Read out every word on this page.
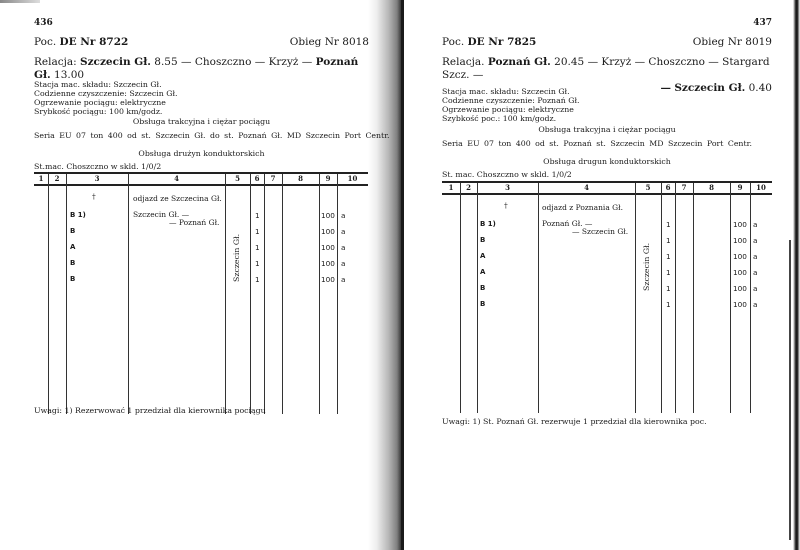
436
Poc. DE Nr 8722	Obieg Nr 8018
Relacja: Szczecin Gł. 8.55 — Choszczno — Krzyż — Poznań Gł. 13.00
Stacja mac. składu: Szczecin Gł.
Codzienne czyszczenie: Szczecin Gł.
Ogrzewanie pociągu: elektryczne
Srybkość pociągu: 100 km/godz.
Obsługa trakcyjna i ciężar pociągu
Seria EU 07 ton 400 od st. Szczecin Gł. do st. Poznań Gł. MD Szczecin Port Centr.
Obsługa drużyn konduktorskich
St.mac. Choszczno w skld. 1/0/2
1	2	3	4	5	6	7	8	9	10
†	odjazd ze Szczecina Gł.
Szczecin Gł. —
— Poznań Gł.
Szczecin Gł.
B 1)	1	100 a
B	1	100 a
A	1	100 a
B	1	100 a
B	1	100 a
Uwagi: 1) Rezerwować 1 przedział dla kierownika pociągu
437
Poc. DE Nr 7825	Obieg Nr 8019
Relacja. Poznań Gł. 20.45 — Krzyż — Choszczno — Stargard Szcz. —
— Szczecin Gł. 0.40
Stacja mac. składu: Szczecin Gł.
Codzienne czyszczenie: Poznań Gł.
Ogrzewanie pociągu: elektryczne
Szybkość poc.: 100 km/godz.
Obsługa trakcyjna i ciężar pociągu
Seria EU 07 ton 400 od st. Poznań st. Szczecin MD Szczecin Port Centr.
Obsługa drugun konduktorskich
St. mac. Choszczno w skld. 1/0/2
1	2	3	4	5	6	7	8	9	10
†	odjazd z Poznania Gł.
Poznań Gł. —
— Szczecin Gł.
Szczecin Gł.
B 1)	1	100 a
B	1	100 a
A	1	100 a
A	1	100 a
B	1	100 a
B	1	100 a
Uwagi: 1) St. Poznań Gł. rezerwuje 1 przedział dla kierownika poc.
